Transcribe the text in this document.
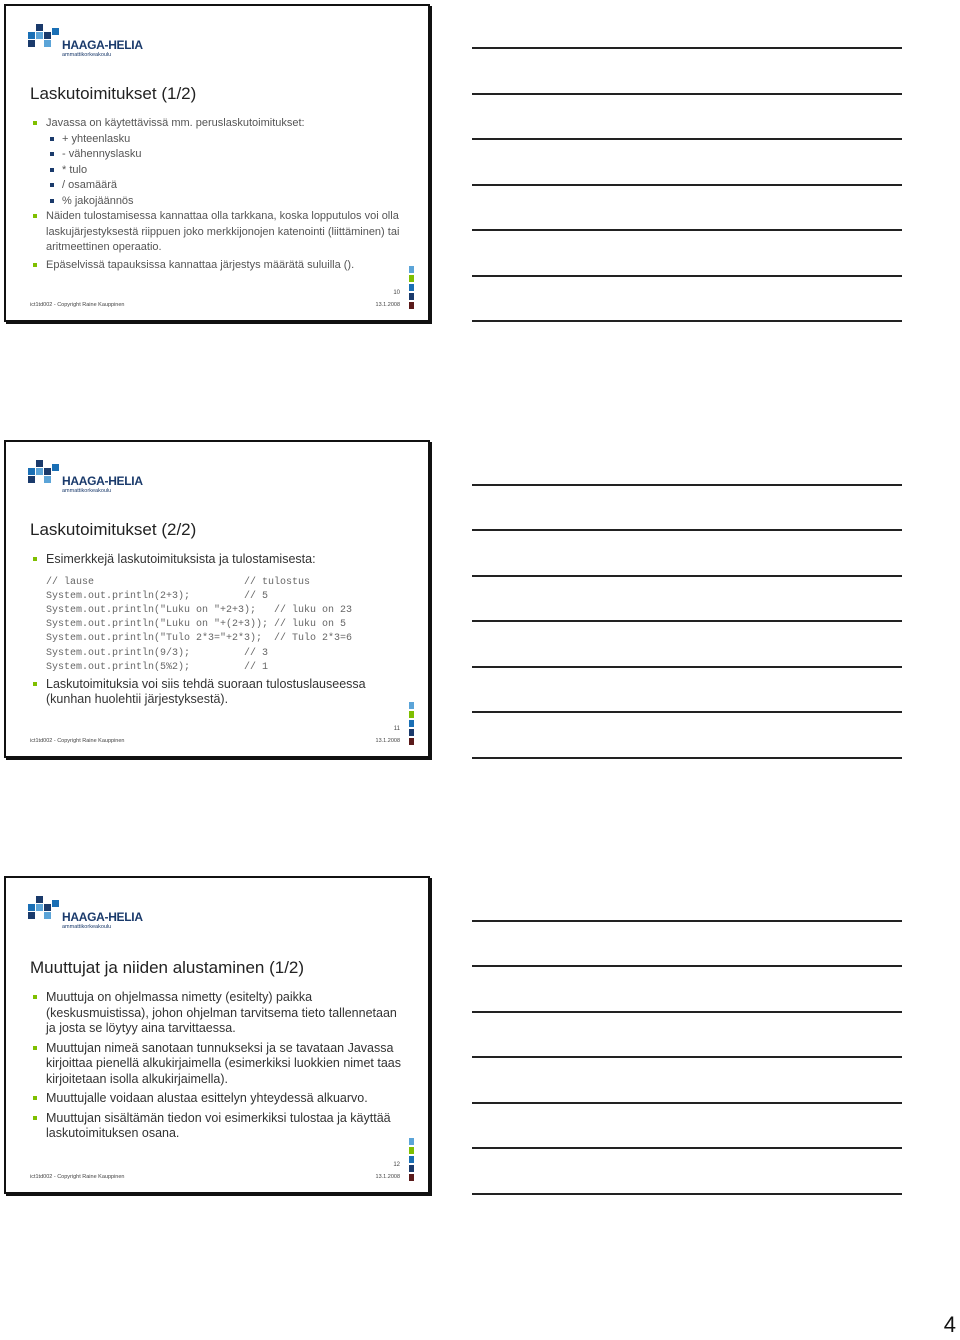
HAAGA-HELIA
ammattikorkeakoulu
Laskutoimitukset (1/2)
Javassa on käytettävissä mm. peruslaskutoimitukset:
+ yhteenlasku
- vähennyslasku
* tulo
/ osamäärä
% jakojäännös
Näiden tulostamisessa kannattaa olla tarkkana, koska lopputulos voi olla laskujärjestyksestä riippuen joko merkkijonojen katenointi (liittäminen) tai aritmeettinen operaatio.
Epäselvissä tapauksissa kannattaa järjestys määrätä suluilla ().
10
ict1td002 - Copyright Raine Kauppinen	13.1.2008
HAAGA-HELIA
ammattikorkeakoulu
Laskutoimitukset (2/2)
Esimerkkejä laskutoimituksista ja tulostamisesta:
// lause                         // tulostus
System.out.println(2+3);         // 5
System.out.println("Luku on "+2+3);   // luku on 23
System.out.println("Luku on "+(2+3)); // luku on 5
System.out.println("Tulo 2*3="+2*3);  // Tulo 2*3=6
System.out.println(9/3);         // 3
System.out.println(5%2);         // 1
Laskutoimituksia voi siis tehdä suoraan tulostuslauseessa (kunhan huolehtii järjestyksestä).
11
ict1td002 - Copyright Raine Kauppinen	13.1.2008
HAAGA-HELIA
ammattikorkeakoulu
Muuttujat ja niiden alustaminen (1/2)
Muuttuja on ohjelmassa nimetty (esitelty) paikka (keskusmuistissa), johon ohjelman tarvitsema tieto tallennetaan ja josta se löytyy aina tarvittaessa.
Muuttujan nimeä sanotaan tunnukseksi ja se tavataan Javassa kirjoittaa pienellä alkukirjaimella (esimerkiksi luokkien nimet taas kirjoitetaan isolla alkukirjaimella).
Muuttujalle voidaan alustaa esittelyn yhteydessä alkuarvo.
Muuttujan sisältämän tiedon voi esimerkiksi tulostaa ja käyttää laskutoimituksen osana.
12
ict1td002 - Copyright Raine Kauppinen	13.1.2008
4
